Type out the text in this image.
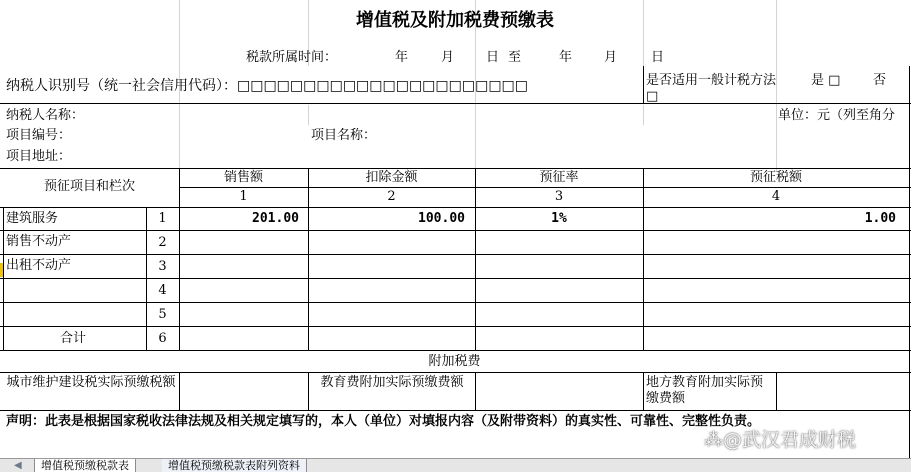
增值税及附加税费预缴表
税款所属时间：	年	月 日 至	年 月	日
纳税人识别号（统一社会信用代码）：□□□□□□□□□□□□□□□□□□□□□□	是否适用一般计税方法	是 □	否
□
纳税人名称：	单位：元（列至角分
项目编号：	项目名称：
项目地址：
预征项目和栏次
销售额	扣除金额	预征率	预征税额
1	2	3	4
建筑服务	1	201.00	100.00	1%	1.00
销售不动产	2
出租不动产	3
4
5
合计	6
附加税费
城市维护建设税实际预缴税额	教育费附加实际预缴费额	地方教育附加实际预缴费额
声明：此表是根据国家税收法律法规及相关规定填写的，本人（单位）对填报内容（及附带资料）的真实性、可靠性、完整性负责。
⁂@武汉君成财税
◀	增值税预缴税款表	增值税预缴税款表附列资料
